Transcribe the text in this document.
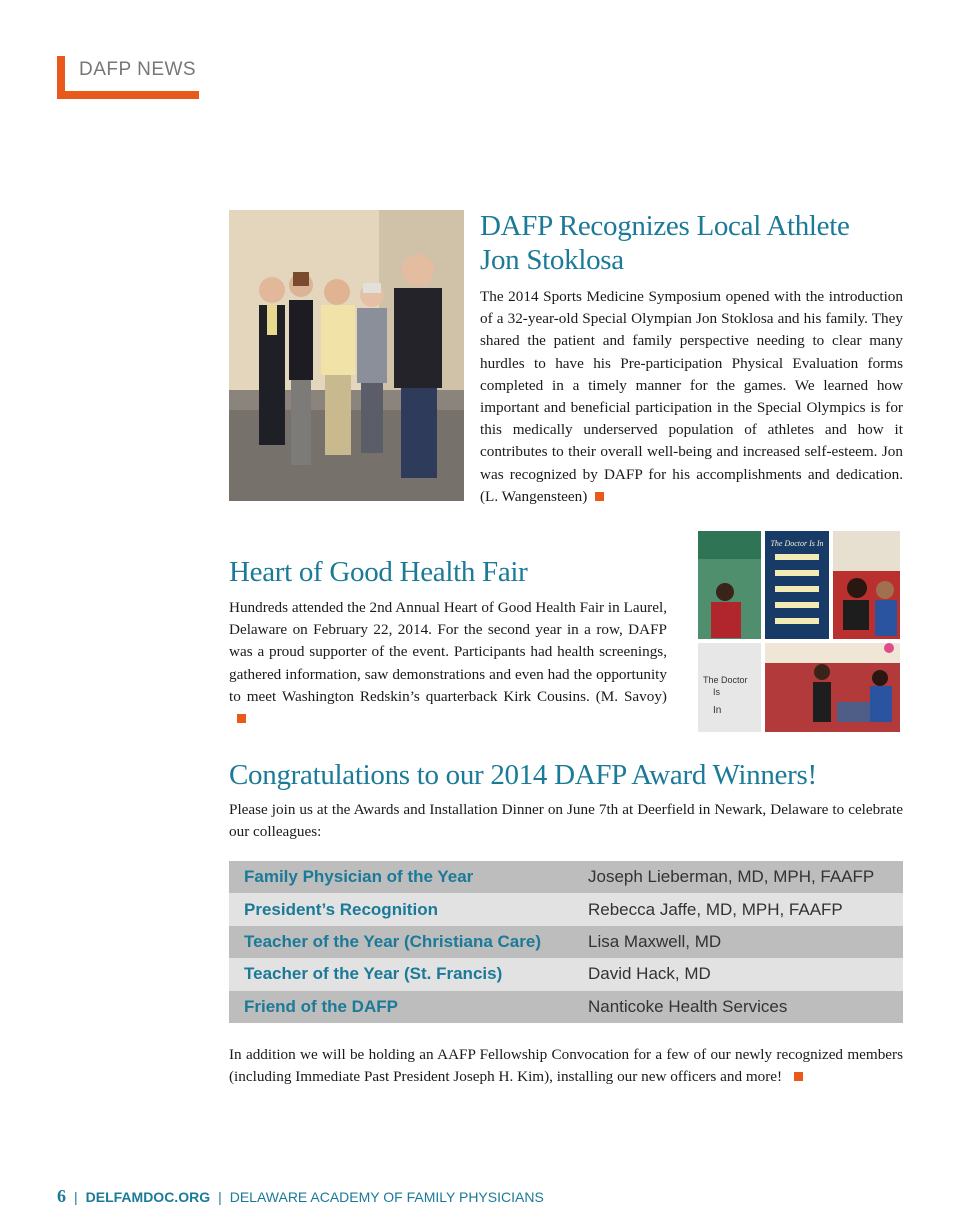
DAFP NEWS
DAFP Recognizes Local Athlete
Jon Stoklosa

The 2014 Sports Medicine Symposium opened with the introduction of a 32-year-old Special Olympian Jon Stoklosa and his family. They shared the patient and family perspective needing to clear many hurdles to have his Pre-participation Physical Evaluation forms completed in a timely manner for the games. We learned how important and beneficial participation in the Special Olympics is for this medically underserved population of athletes and how it contributes to their overall well-being and increased self-esteem. Jon was recognized by DAFP for his accomplishments and dedication. (L. Wangensteen)

Heart of Good Health Fair

Hundreds attended the 2nd Annual Heart of Good Health Fair in Laurel, Delaware on February 22, 2014. For the second year in a row, DAFP was a proud supporter of the event. Participants had health screenings, gathered information, saw demonstrations and even had the opportunity to meet Washington Redskin’s quarterback Kirk Cousins. (M. Savoy)

The Doctor Is In
The Doctor
Is
In
Congratulations to our 2014 DAFP Award Winners!

Please join us at the Awards and Installation Dinner on June 7th at Deerfield in Newark, Delaware to celebrate our colleagues:

Family Physician of the Year	Joseph Lieberman, MD, MPH, FAAFP
President’s Recognition	Rebecca Jaffe, MD, MPH, FAAFP
Teacher of the Year (Christiana Care)	Lisa Maxwell, MD
Teacher of the Year (St. Francis)	David Hack, MD
Friend of the DAFP	Nanticoke Health Services

In addition we will be holding an AAFP Fellowship Convocation for a few of our newly recognized members (including Immediate Past President Joseph H. Kim), installing our new officers and more!

6 | DELFAMDOC.ORG | DELAWARE ACADEMY OF FAMILY PHYSICIANS
